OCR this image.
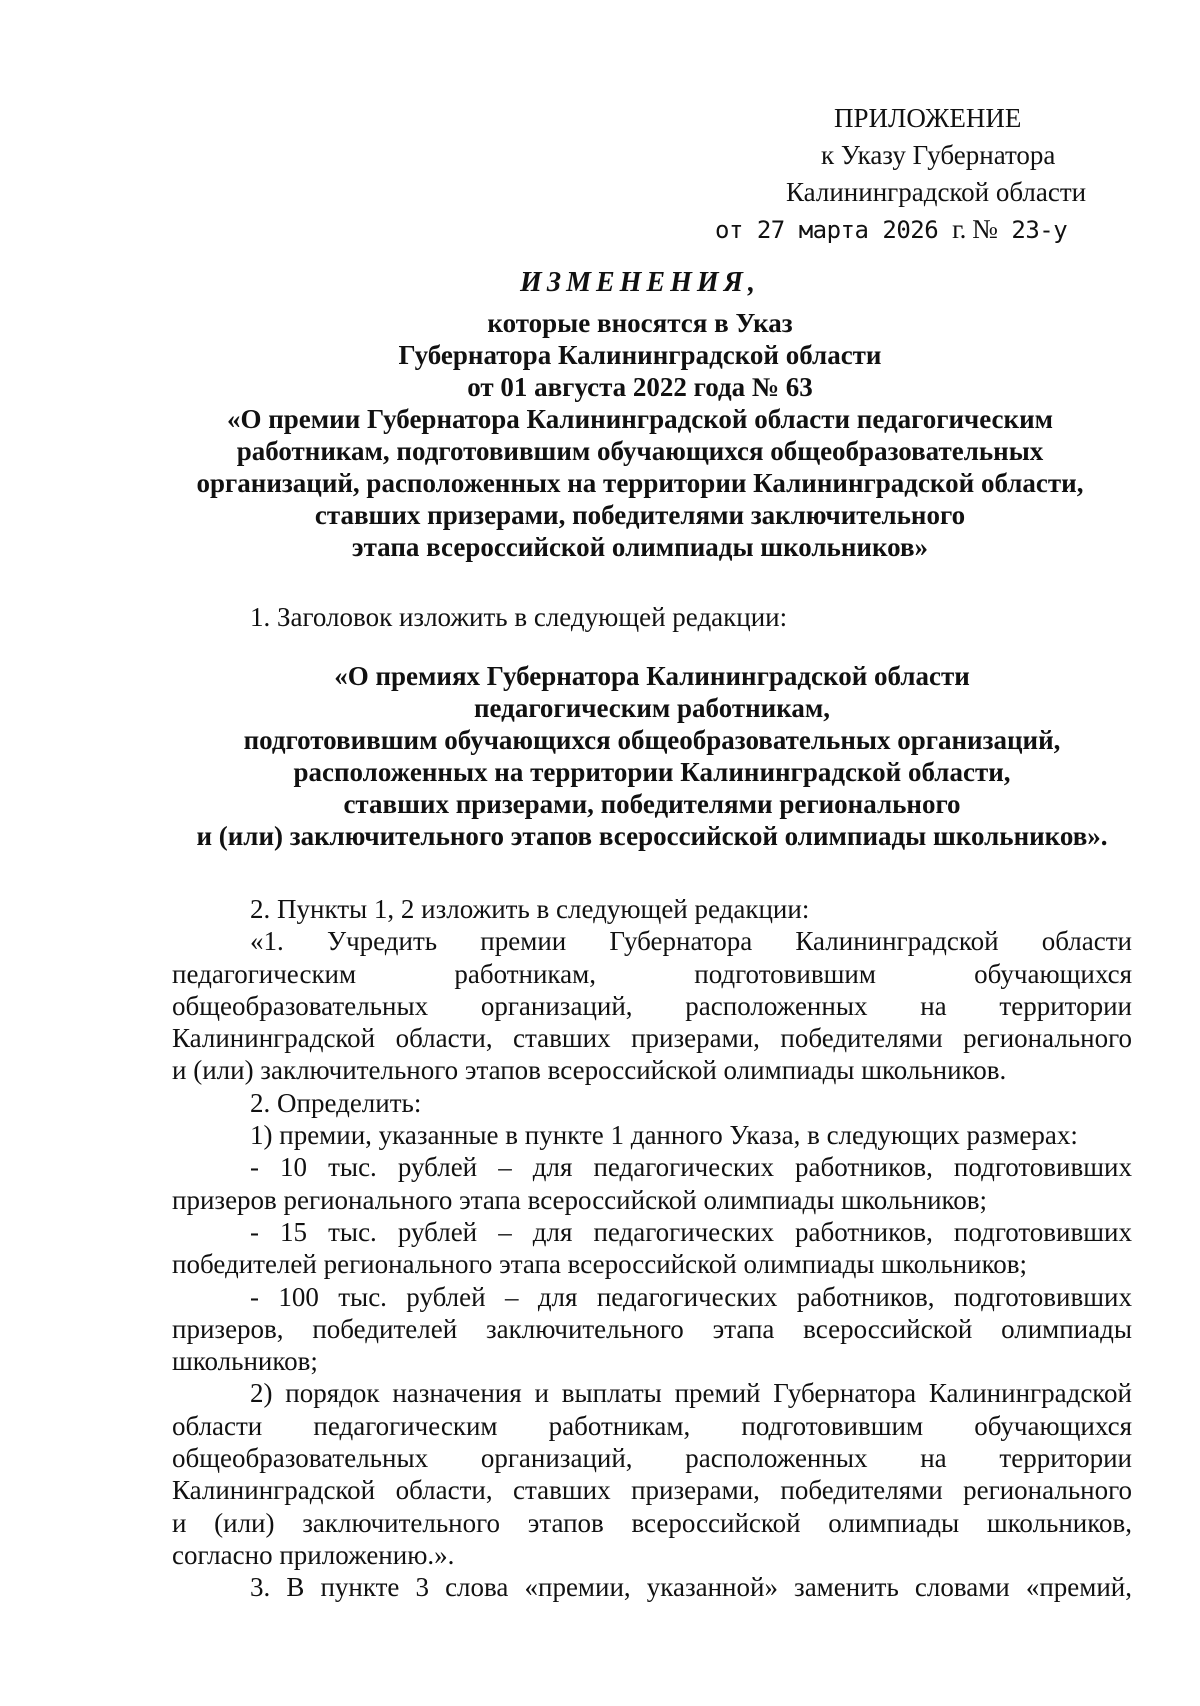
ПРИЛОЖЕНИЕ
к Указу Губернатора
Калининградской области
от 27 марта 2026 г. № 23-у
ИЗМЕНЕНИЯ,
которые вносятся в Указ
Губернатора Калининградской области
от 01 августа 2022 года № 63
«О премии Губернатора Калининградской области педагогическим
работникам, подготовившим обучающихся общеобразовательных
организаций, расположенных на территории Калининградской области,
ставших призерами, победителями заключительного
этапа всероссийской олимпиады школьников»
1. Заголовок изложить в следующей редакции:
«О премиях Губернатора Калининградской области
педагогическим работникам,
подготовившим обучающихся общеобразовательных организаций,
расположенных на территории Калининградской области,
ставших призерами, победителями регионального
и (или) заключительного этапов всероссийской олимпиады школьников».
2. Пункты 1, 2 изложить в следующей редакции:
«1. Учредить премии Губернатора Калининградской области
педагогическим работникам, подготовившим обучающихся
общеобразовательных организаций, расположенных на территории
Калининградской области, ставших призерами, победителями регионального
и (или) заключительного этапов всероссийской олимпиады школьников.
2. Определить:
1) премии, указанные в пункте 1 данного Указа, в следующих размерах:
- 10 тыс. рублей – для педагогических работников, подготовивших
призеров регионального этапа всероссийской олимпиады школьников;
- 15 тыс. рублей – для педагогических работников, подготовивших
победителей регионального этапа всероссийской олимпиады школьников;
- 100 тыс. рублей – для педагогических работников, подготовивших
призеров, победителей заключительного этапа всероссийской олимпиады
школьников;
2) порядок назначения и выплаты премий Губернатора Калининградской
области педагогическим работникам, подготовившим обучающихся
общеобразовательных организаций, расположенных на территории
Калининградской области, ставших призерами, победителями регионального
и (или) заключительного этапов всероссийской олимпиады школьников,
согласно приложению.».
3. В пункте 3 слова «премии, указанной» заменить словами «премий,
